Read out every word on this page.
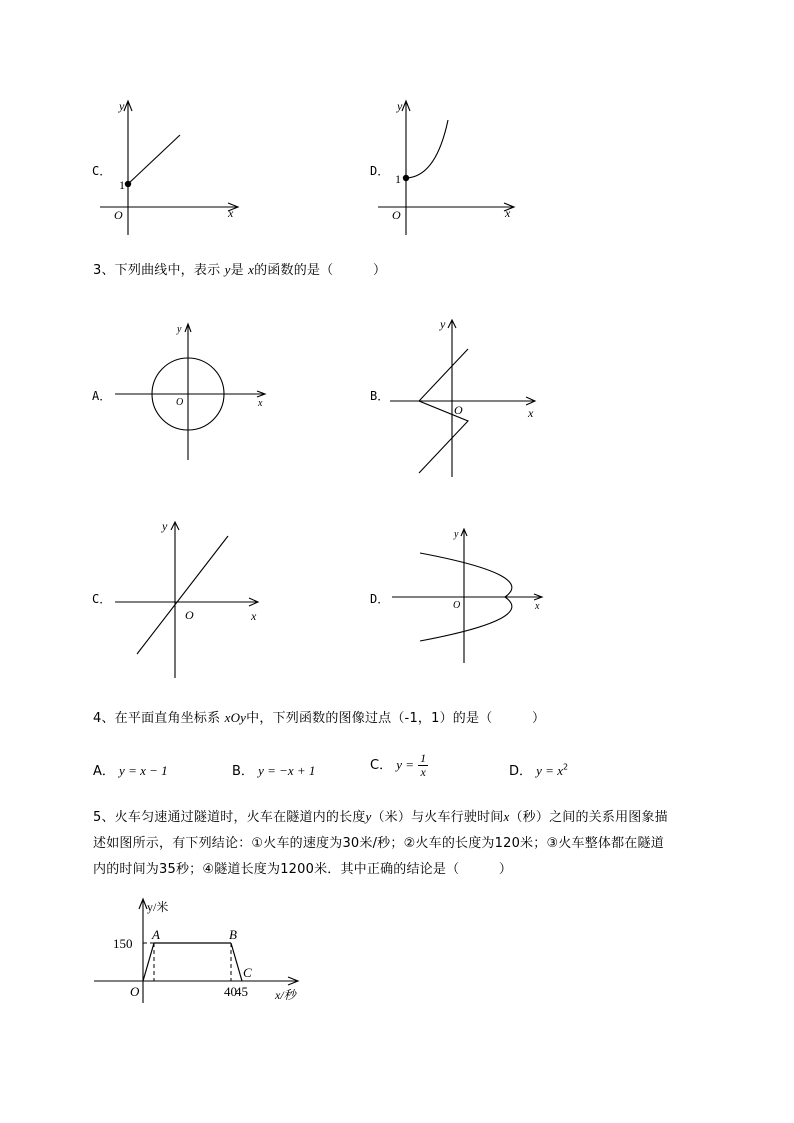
C．
y
x
O
1
D．
y
x
O
1
3、下列曲线中，表示 y是 x的函数的是（　　　）
A．
y
x
O	B．
y
x
O
C．
y
x
O
D．
y
x
O
4、在平面直角坐标系 xOy中，下列函数的图像过点（-1，1）的是（　　　）
A． y = x − 1	B． y = −x + 1	C． $y = \frac{1}{x}$	D． $y = x^2$
5、火车匀速通过隧道时，火车在隧道内的长度y（米）与火车行驶时间x（秒）之间的关系用图象描
述如图所示，有下列结论：①火车的速度为30米/秒；②火车的长度为120米；③火车整体都在隧道
内的时间为35秒；④隧道长度为1200米．其中正确的结论是（　　　）
A	B
C
150
40
45
y/米
x/秒
O
